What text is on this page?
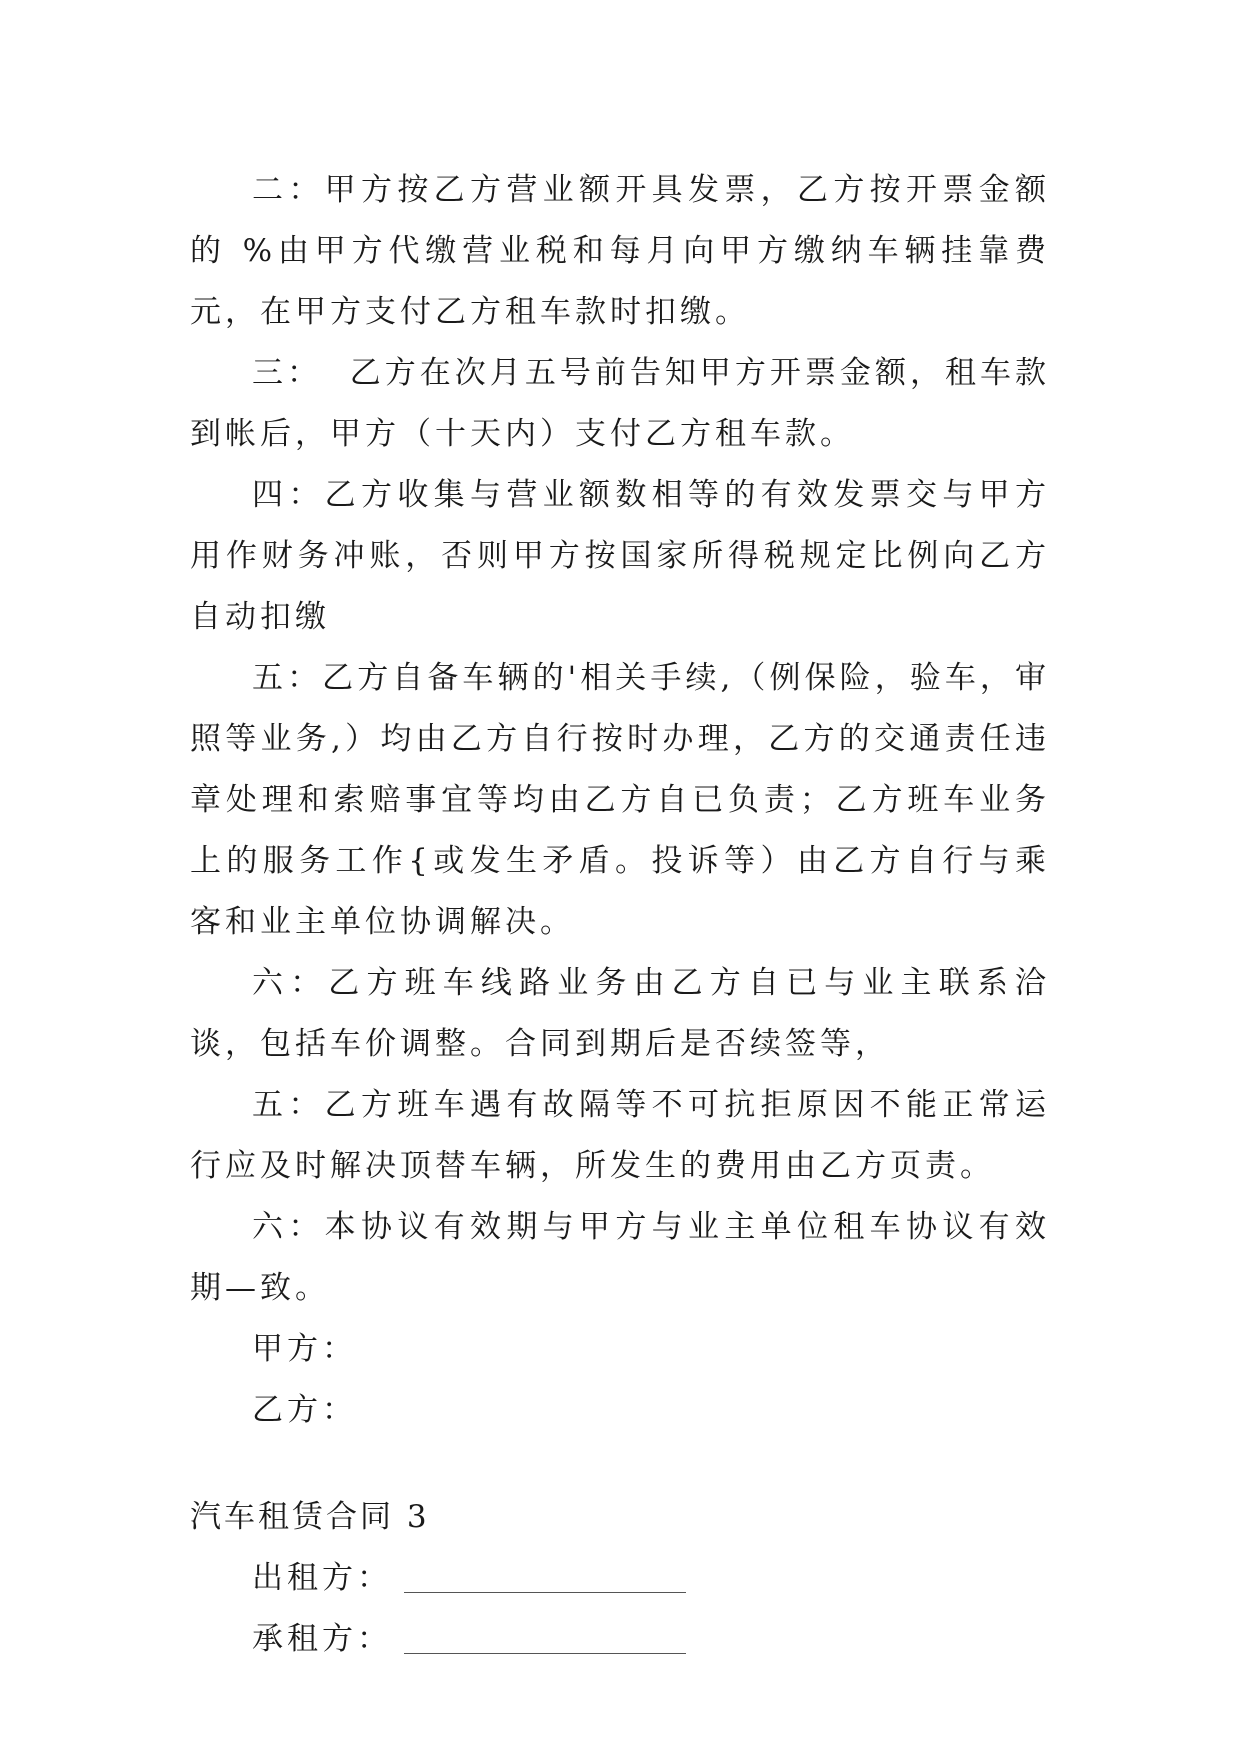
二：甲方按乙方营业额开具发票，乙方按开票金额的 %由甲方代缴营业税和每月向甲方缴纳车辆挂靠费  元，在甲方支付乙方租车款时扣缴。

三：  乙方在次月五号前告知甲方开票金额，租车款到帐后，甲方（十天内）支付乙方租车款。

四：乙方收集与营业额数相等的有效发票交与甲方用作财务冲账，否则甲方按国家所得税规定比例向乙方自动扣缴

五：乙方自备车辆的'相关手续,（例保险，验车，审照等业务,）均由乙方自行按时办理，乙方的交通责任违章处理和索赔事宜等均由乙方自已负责；乙方班车业务上的服务工作{或发生矛盾。投诉等）由乙方自行与乘客和业主单位协调解决。

六：乙方班车线路业务由乙方自已与业主联系洽谈，包括车价调整。合同到期后是否续签等，

五：乙方班车遇有故隔等不可抗拒原因不能正常运行应及时解决顶替车辆，所发生的费用由乙方页责。

六：本协议有效期与甲方与业主单位租车协议有效期—致。

甲方：

乙方：

汽车租赁合同 3

出租方：
承租方：
